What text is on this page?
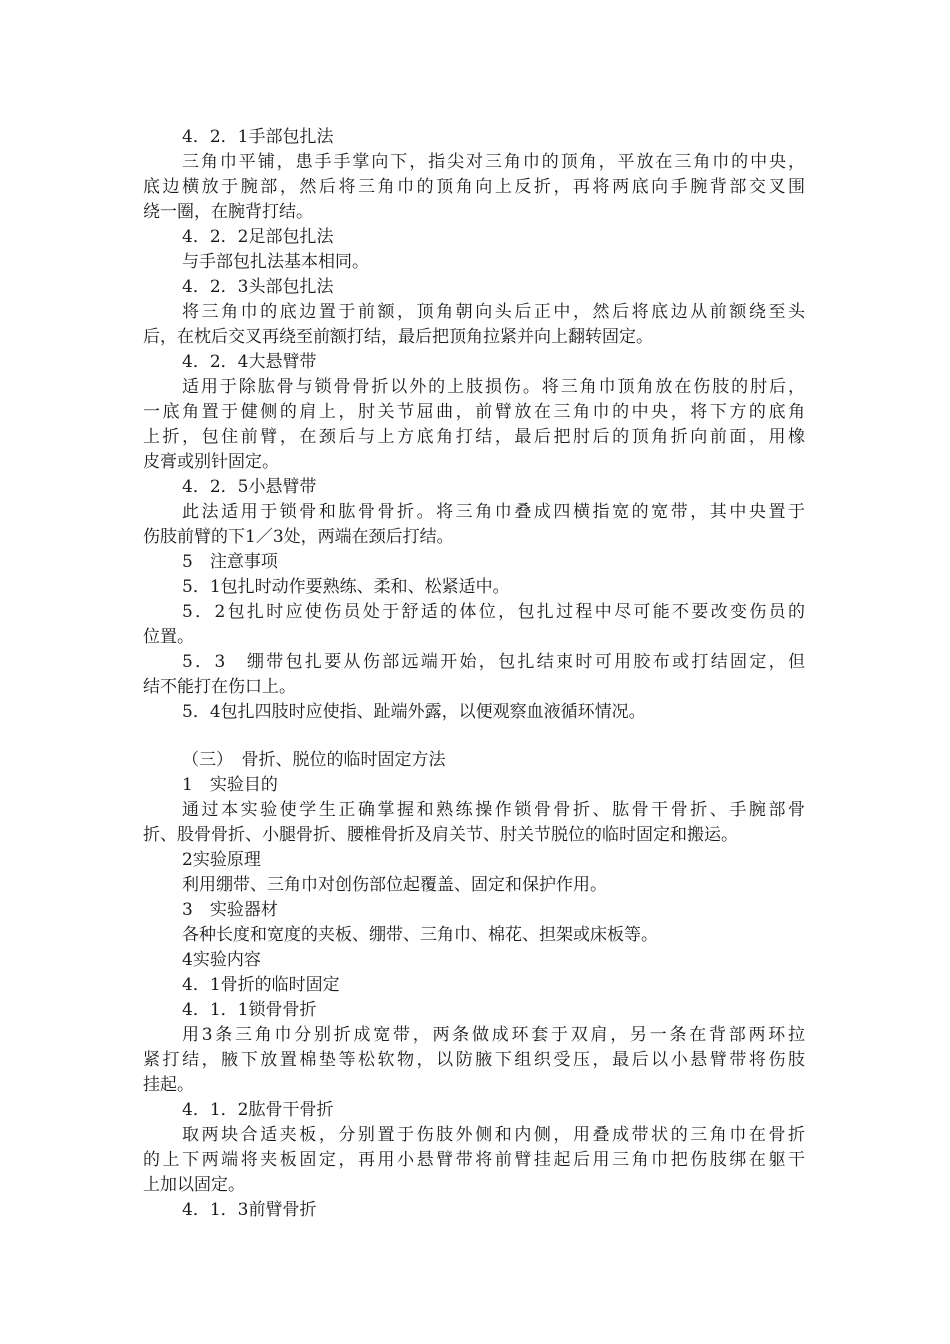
4．2．1手部包扎法
三角巾平铺，患手手掌向下，指尖对三角巾的顶角，平放在三角巾的中央，
底边横放于腕部，然后将三角巾的顶角向上反折，再将两底向手腕背部交叉围
绕一圈，在腕背打结。
4．2．2足部包扎法
与手部包扎法基本相同。
4．2．3头部包扎法
将三角巾的底边置于前额，顶角朝向头后正中，然后将底边从前额绕至头
后，在枕后交叉再绕至前额打结，最后把顶角拉紧并向上翻转固定。
4．2．4大悬臂带
适用于除肱骨与锁骨骨折以外的上肢损伤。将三角巾顶角放在伤肢的肘后，
一底角置于健侧的肩上，肘关节屈曲，前臂放在三角巾的中央，将下方的底角
上折，包住前臂，在颈后与上方底角打结，最后把肘后的顶角折向前面，用橡
皮膏或别针固定。
4．2．5小悬臂带
此法适用于锁骨和肱骨骨折。将三角巾叠成四横指宽的宽带，其中央置于
伤肢前臂的下1／3处，两端在颈后打结。
5　注意事项
5．1包扎时动作要熟练、柔和、松紧适中。
5．2包扎时应使伤员处于舒适的体位，包扎过程中尽可能不要改变伤员的
位置。
5．3　绷带包扎要从伤部远端开始，包扎结束时可用胶布或打结固定，但
结不能打在伤口上。
5．4包扎四肢时应使指、趾端外露，以便观察血液循环情况。
（三）　骨折、脱位的临时固定方法
1　实验目的
通过本实验使学生正确掌握和熟练操作锁骨骨折、肱骨干骨折、手腕部骨
折、股骨骨折、小腿骨折、腰椎骨折及肩关节、肘关节脱位的临时固定和搬运。
2实验原理
利用绷带、三角巾对创伤部位起覆盖、固定和保护作用。
3　实验器材
各种长度和宽度的夹板、绷带、三角巾、棉花、担架或床板等。
4实验内容
4．1骨折的临时固定
4．1．1锁骨骨折
用3条三角巾分别折成宽带，两条做成环套于双肩，另一条在背部两环拉
紧打结，腋下放置棉垫等松软物，以防腋下组织受压，最后以小悬臂带将伤肢
挂起。
4．1．2肱骨干骨折
取两块合适夹板，分别置于伤肢外侧和内侧，用叠成带状的三角巾在骨折
的上下两端将夹板固定，再用小悬臂带将前臂挂起后用三角巾把伤肢绑在躯干
上加以固定。
4．1．3前臂骨折
